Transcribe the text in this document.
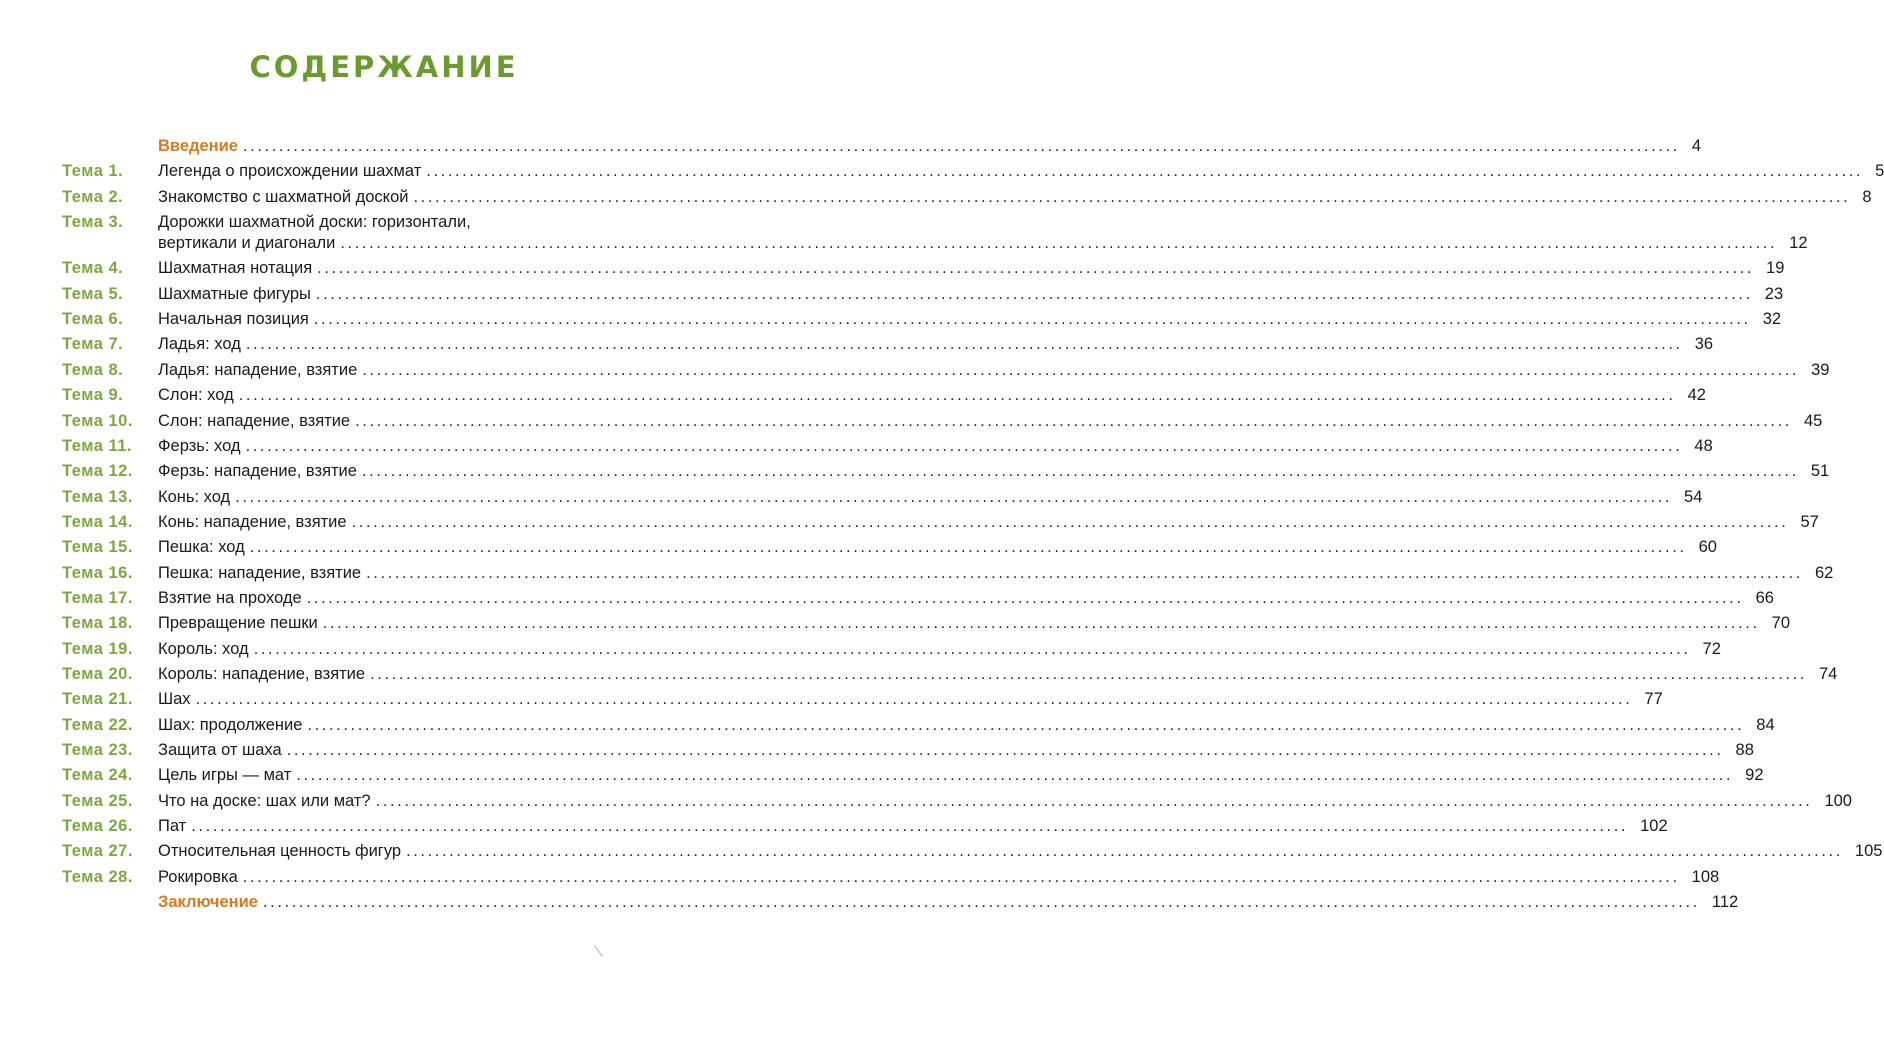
СОДЕРЖАНИЕ
Введение ........................................................................................................................................................................................................ 4
Тема 1. Легенда о происхождении шахмат ........................................................................................................................................................................................................ 5
Тема 2. Знакомство с шахматной доской ........................................................................................................................................................................................................ 8
Тема 3. Дорожки шахматной доски: горизонтали,
вертикали и диагонали ........................................................................................................................................................................................................ 12
Тема 4. Шахматная нотация ........................................................................................................................................................................................................ 19
Тема 5. Шахматные фигуры ........................................................................................................................................................................................................ 23
Тема 6. Начальная позиция ........................................................................................................................................................................................................ 32
Тема 7. Ладья: ход ........................................................................................................................................................................................................ 36
Тема 8. Ладья: нападение, взятие ........................................................................................................................................................................................................ 39
Тема 9. Слон: ход ........................................................................................................................................................................................................ 42
Тема 10. Слон: нападение, взятие ........................................................................................................................................................................................................ 45
Тема 11. Ферзь: ход ........................................................................................................................................................................................................ 48
Тема 12. Ферзь: нападение, взятие ........................................................................................................................................................................................................ 51
Тема 13. Конь: ход ........................................................................................................................................................................................................ 54
Тема 14. Конь: нападение, взятие ........................................................................................................................................................................................................ 57
Тема 15. Пешка: ход ........................................................................................................................................................................................................ 60
Тема 16. Пешка: нападение, взятие ........................................................................................................................................................................................................ 62
Тема 17. Взятие на проходе ........................................................................................................................................................................................................ 66
Тема 18. Превращение пешки ........................................................................................................................................................................................................ 70
Тема 19. Король: ход ........................................................................................................................................................................................................ 72
Тема 20. Король: нападение, взятие ........................................................................................................................................................................................................ 74
Тема 21. Шах ........................................................................................................................................................................................................ 77
Тема 22. Шах: продолжение ........................................................................................................................................................................................................ 84
Тема 23. Защита от шаха ........................................................................................................................................................................................................ 88
Тема 24. Цель игры — мат ........................................................................................................................................................................................................ 92
Тема 25. Что на доске: шах или мат? ........................................................................................................................................................................................................ 100
Тема 26. Пат ........................................................................................................................................................................................................ 102
Тема 27. Относительная ценность фигур ........................................................................................................................................................................................................ 105
Тема 28. Рокировка ........................................................................................................................................................................................................ 108
Заключение ........................................................................................................................................................................................................ 112
